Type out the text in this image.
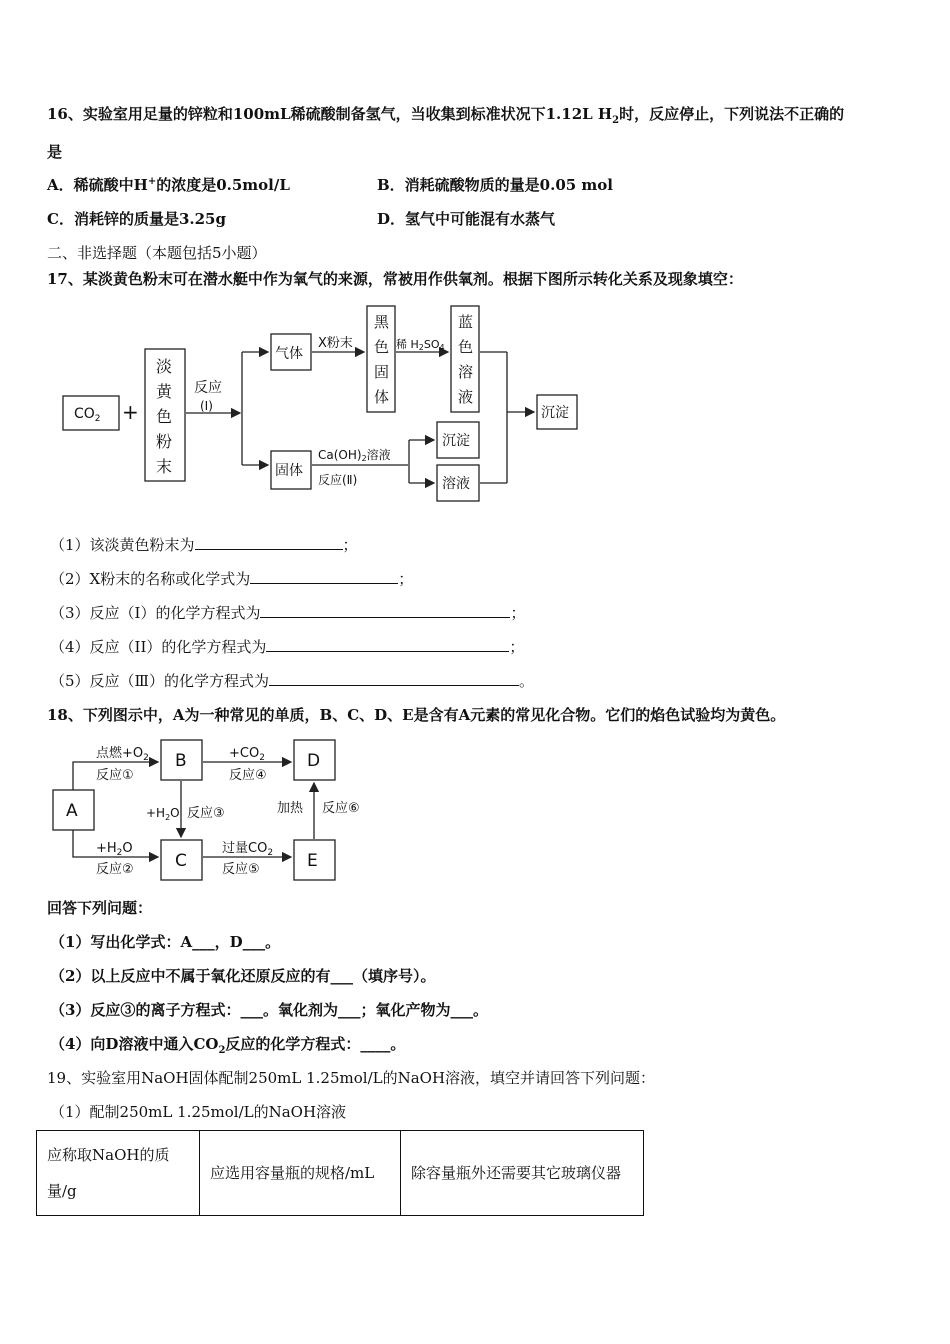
16、实验室用足量的锌粒和100mL稀硫酸制备氢气，当收集到标准状况下1.12L $H_2$时，反应停止，下列说法不正确的
是
A．稀硫酸中H+的浓度是0.5mol/L	B．消耗硫酸物质的量是0.05 mol
C．消耗锌的质量是3.25g	D．氢气中可能混有水蒸气
二、非选择题（本题包括5小题）
17、某淡黄色粉末可在潜水艇中作为氧气的来源，常被用作供氧剂。根据下图所示转化关系及现象填空：
$CO_2$ +
淡
黄
色
粉
末
反应
(Ⅰ)
气体
X粉末
黑
色
固
体
稀 H2SO4
蓝
色
溶
液
沉淀
固体
Ca(OH)2溶液
反应(Ⅱ)
沉淀
溶液
（1）该淡黄色粉末为	；
（2）X粉末的名称或化学式为	；
（3）反应（I）的化学方程式为	；
（4）反应（II）的化学方程式为	；
（5）反应（Ⅲ）的化学方程式为	。
18、下列图示中，A为一种常见的单质，B、C、D、E是含有A元素的常见化合物。它们的焰色试验均为黄色。
A
B
C
D
E
点燃$+O_2$
反应①
$+H_2O$
反应②
$+H_2O$ 反应③
$+CO_2$
反应④
过量$CO_2$
反应⑤
加热 反应⑥
回答下列问题：
（1）写出化学式：A___，D___。
（2）以上反应中不属于氧化还原反应的有___（填序号）。
（3）反应③的离子方程式：___。氧化剂为___；氧化产物为___。
（4）向D溶液中通入$CO_2$反应的化学方程式：____。
19、实验室用NaOH固体配制250mL 1.25mol/L的NaOH溶液，填空并请回答下列问题：
（1）配制250mL 1.25mol/L的NaOH溶液
应称取NaOH的质量/g	应选用容量瓶的规格/mL	除容量瓶外还需要其它玻璃仪器
